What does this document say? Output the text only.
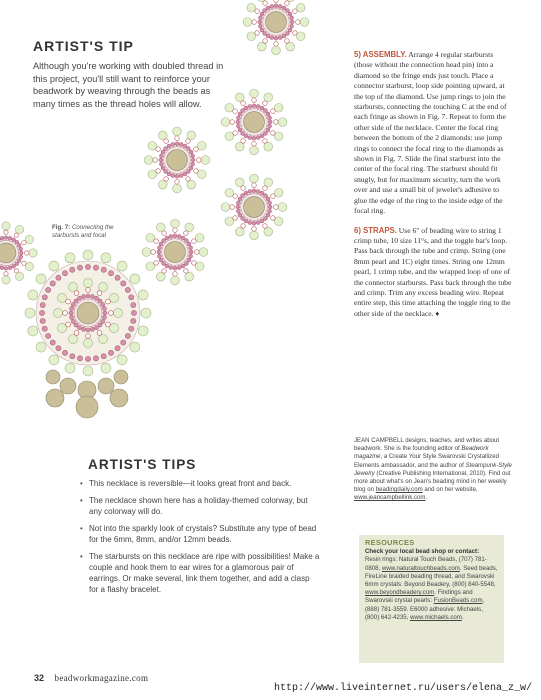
ARTIST'S TIP

Although you're working with doubled thread in this project, you'll still want to reinforce your beadwork by weaving through the beads as many times as the thread holes will allow.

Fig. 7: Connecting the starbursts and focal

5) ASSEMBLY. Arrange 4 regular starbursts (those without the connection head pin) into a diamond so the fringe ends just touch. Place a connector starburst, loop side pointing upward, at the top of the diamond. Use jump rings to join the starbursts, connecting the touching C at the end of each fringe as shown in Fig. 7. Repeat to form the other side of the necklace. Center the focal ring between the bottom of the 2 diamonds: use jump rings to connect the focal ring to the diamonds as shown in Fig. 7. Slide the final starburst into the center of the focal ring. The starburst should fit snugly, but for maximum security, turn the work over and use a small bit of jeweler's adhesive to glue the edge of the ring to the inside edge of the focal ring.

6) STRAPS. Use 6" of beading wire to string 1 crimp tube, 10 size 11°s, and the toggle bar's loop. Pass back through the tube and crimp. String (one 8mm pearl and 1C) eight times. String one 12mm pearl, 1 crimp tube, and the wrapped loop of one of the connector starbursts. Pass back through the tube and crimp. Trim any excess beading wire. Repeat entire step, this time attaching the toggle ring to the other side of the necklace. ♦

JEAN CAMPBELL designs, teaches, and writes about beadwork. She is the founding editor of Beadwork magazine, a Create Your Style Swarovski Crystallized Elements ambassador, and the author of Steampunk-Style Jewelry (Creative Publishing International, 2010). Find out more about what's on Jean's beading mind in her weekly blog on beadingdaily.com and on her website, www.jeancampbellink.com.

RESOURCES
Check your local bead shop or contact:
Resin rings: Natural Touch Beads, (707) 781-0808, www.naturaltouchbeads.com. Seed beads, FireLine braided beading thread, and Swarovski 6mm crystals: Beyond Beadery, (800) 840-5548, www.beyondbeadery.com. Findings and Swarovski crystal pearls: FusionBeads.com, (888) 781-3559. E6000 adhesive: Michaels, (800) 642-4235, www.michaels.com.
ARTIST'S TIPS
• This necklace is reversible—it looks great front and back.
• The necklace shown here has a holiday-themed colorway, but any colorway will do.
• Not into the sparkly look of crystals? Substitute any type of bead for the 6mm, 8mm, and/or 12mm beads.
• The starbursts on this necklace are ripe with possibilities! Make a couple and hook them to ear wires for a glamorous pair of earrings. Or make several, link them together, and add a clasp for a flashy bracelet.
32 beadworkmagazine.com
http://www.liveinternet.ru/users/elena_z_w/
